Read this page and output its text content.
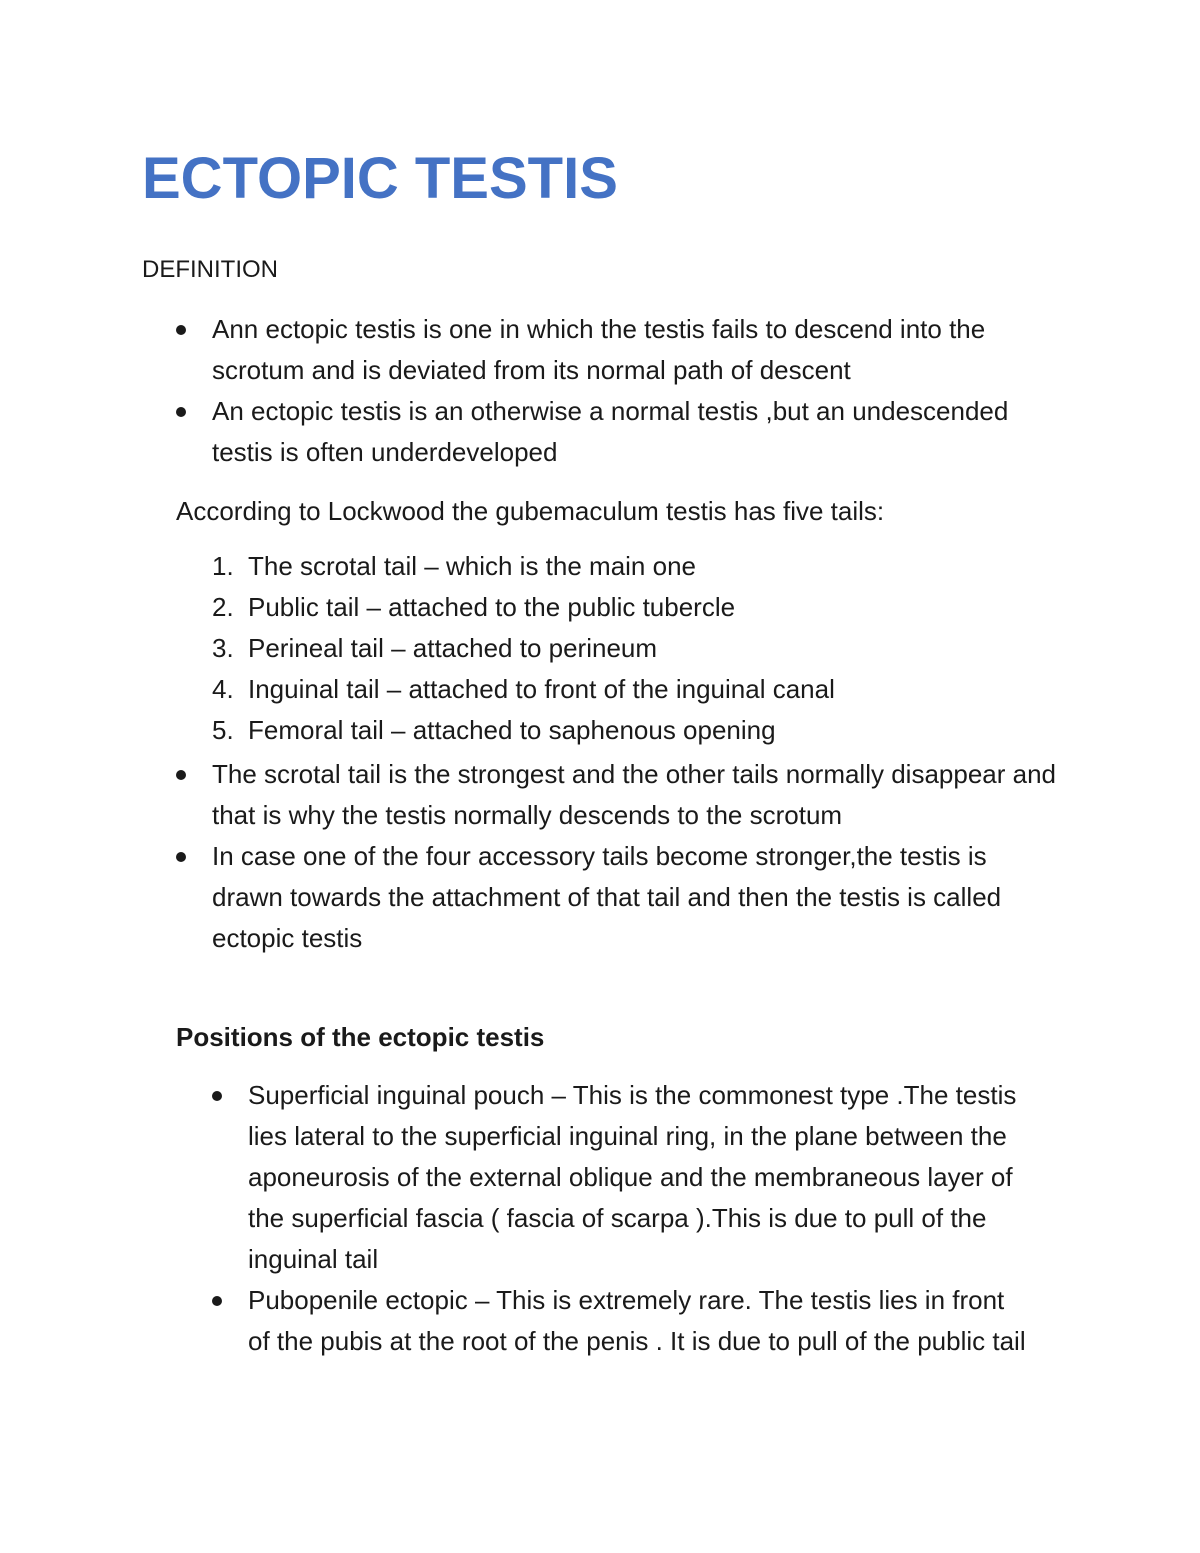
ECTOPIC TESTIS
DEFINITION
Ann ectopic testis is one in which the testis fails to descend into the scrotum and is deviated from its normal path of descent
An ectopic testis is an otherwise a normal testis ,but an undescended testis is often underdeveloped

According to Lockwood the gubemaculum testis has five tails:

1. The scrotal tail – which is the main one
2. Public tail – attached to the public tubercle
3. Perineal tail – attached to perineum
4. Inguinal tail – attached to front of the inguinal canal
5. Femoral tail – attached to saphenous opening
The scrotal tail is the strongest and the other tails normally disappear and that is why the testis normally descends to the scrotum
In case one of the four accessory tails become stronger,the testis is drawn towards the attachment of that tail and then the testis is called ectopic testis
Positions of the ectopic testis
Superficial inguinal pouch – This is the commonest type .The testis lies lateral to the superficial inguinal ring, in the plane between the aponeurosis of the external oblique and the membraneous layer of the superficial fascia ( fascia of scarpa ).This is due to pull of the inguinal tail
Pubopenile ectopic – This is extremely rare. The testis lies in front of the pubis at the root of the penis . It is due to pull of the public tail
